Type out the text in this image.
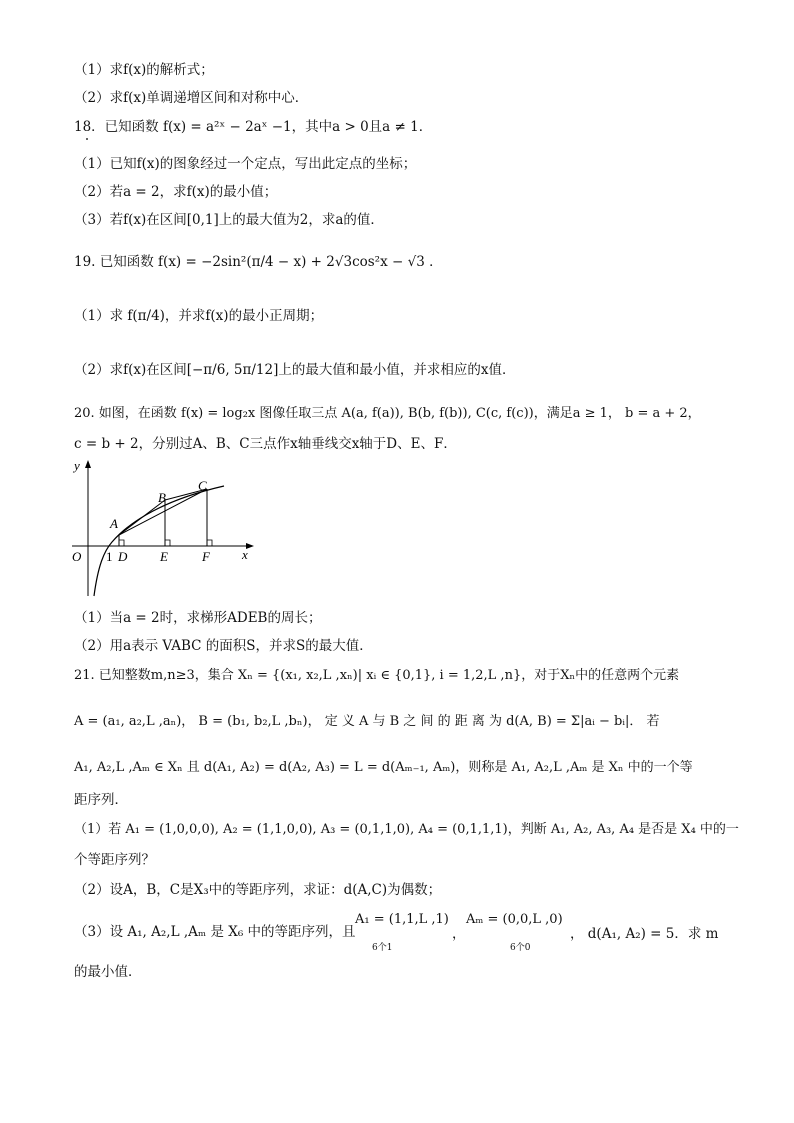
（1）求f(x)的解析式；
（2）求f(x)单调递增区间和对称中心．
18．已知函数 f(x) = a²ˣ − 2aˣ −1，其中a > 0且a ≠ 1．
（1）已知f(x)的图象经过一个定点，写出此定点的坐标；
（2）若a = 2，求f(x)的最小值；
（3）若f(x)在区间[0,1]上的最大值为2，求a的值．
19. 已知函数 f(x) = −2sin²(π/4 − x) + 2√3cos²x − √3 ．
（1）求 f(π/4)，并求f(x)的最小正周期；
（2）求f(x)在区间[−π/6, 5π/12]上的最大值和最小值，并求相应的x值．
20. 如图，在函数 f(x) = log₂x 图像任取三点 A(a, f(a)), B(b, f(b)), C(c, f(c))，满足a ≥ 1， b = a + 2，
c = b + 2，分别过A、B、C三点作x轴垂线交x轴于D、E、F．
y
x
O 1
A
B
C
D	E	F
（1）当a = 2时，求梯形ADEB的周长；
（2）用a表示 VABC 的面积S，并求S的最大值．
21. 已知整数m,n≥3，集合 Xₙ = {(x₁, x₂,L ,xₙ)| xᵢ ∈ {0,1}, i = 1,2,L ,n}，对于Xₙ中的任意两个元素
A = (a₁, a₂,L ,aₙ)， B = (b₁, b₂,L ,bₙ)， 定 义 A 与 B 之 间 的 距 离 为 d(A, B) = Σ|aᵢ − bᵢ|． 若
A₁, A₂,L ,Aₘ ∈ Xₙ 且 d(A₁, A₂) = d(A₂, A₃) = L = d(Aₘ₋₁, Aₘ)，则称是 A₁, A₂,L ,Aₘ 是 Xₙ 中的一个等
距序列．
（1）若 A₁ = (1,0,0,0), A₂ = (1,1,0,0), A₃ = (0,1,1,0), A₄ = (0,1,1,1)，判断 A₁, A₂, A₃, A₄ 是否是 X₄ 中的一
个等距序列？
（2）设A，B，C是X₃中的等距序列，求证：d(A,C)为偶数；
（3）设 A₁, A₂,L ,Aₘ 是 X₆ 中的等距序列，且
A₁ = (1,1,L ,1)
6个1
，
Aₘ = (0,0,L ,0)
6个0
， d(A₁, A₂) = 5．求 m
的最小值．
